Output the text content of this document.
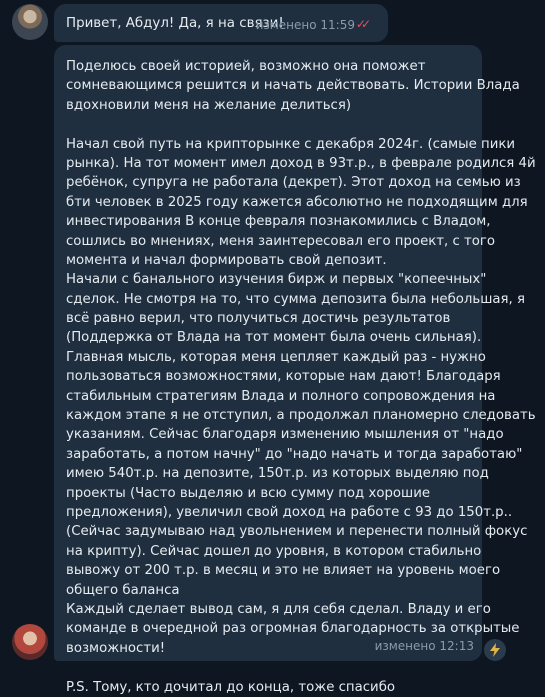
Привет, Абдул! Да, я на связи!
изменено 11:59 ✓✓
Поделюсь своей историей, возможно она поможет
сомневающимся решится и начать действовать. Истории Влада
вдохновили меня на желание делиться)
Начал свой путь на крипторынке с декабря 2024г. (самые пики
рынка). На тот момент имел доход в 93т.р., в феврале родился 4й
ребёнок, супруга не работала (декрет). Этот доход на семью из
бти человек в 2025 году кажется абсолютно не подходящим для
инвестирования В конце февраля познакомились с Владом,
сошлись во мнениях, меня заинтересовал его проект, с того
момента и начал формировать свой депозит.
Начали с банального изучения бирж и первых "копеечных"
сделок. Не смотря на то, что сумма депозита была небольшая, я
всё равно верил, что получиться достичь результатов
(Поддержка от Влада на тот момент была очень сильная).
Главная мысль, которая меня цепляет каждый раз - нужно
пользоваться возможностями, которые нам дают! Благодаря
стабильным стратегиям Влада и полного сопровождения на
каждом этапе я не отступил, а продолжал планомерно следовать
указаниям. Сейчас благодаря изменению мышления от "надо
заработать, а потом начну" до "надо начать и тогда заработаю"
имею 540т.р. на депозите, 150т.р. из которых выделяю под
проекты (Часто выделяю и всю сумму под хорошие
предложения), увеличил свой доход на работе с 93 до 150т.р..
(Сейчас задумываю над увольнением и перенести полный фокус
на крипту). Сейчас дошел до уровня, в котором стабильно
вывожу от 200 т.р. в месяц и это не влияет на уровень моего
общего баланса
Каждый сделает вывод сам, я для себя сделал. Владу и его
команде в очередной раз огромная благодарность за открытые
возможности!
P.S. Тому, кто дочитал до конца, тоже спасибо
изменено 12:13
